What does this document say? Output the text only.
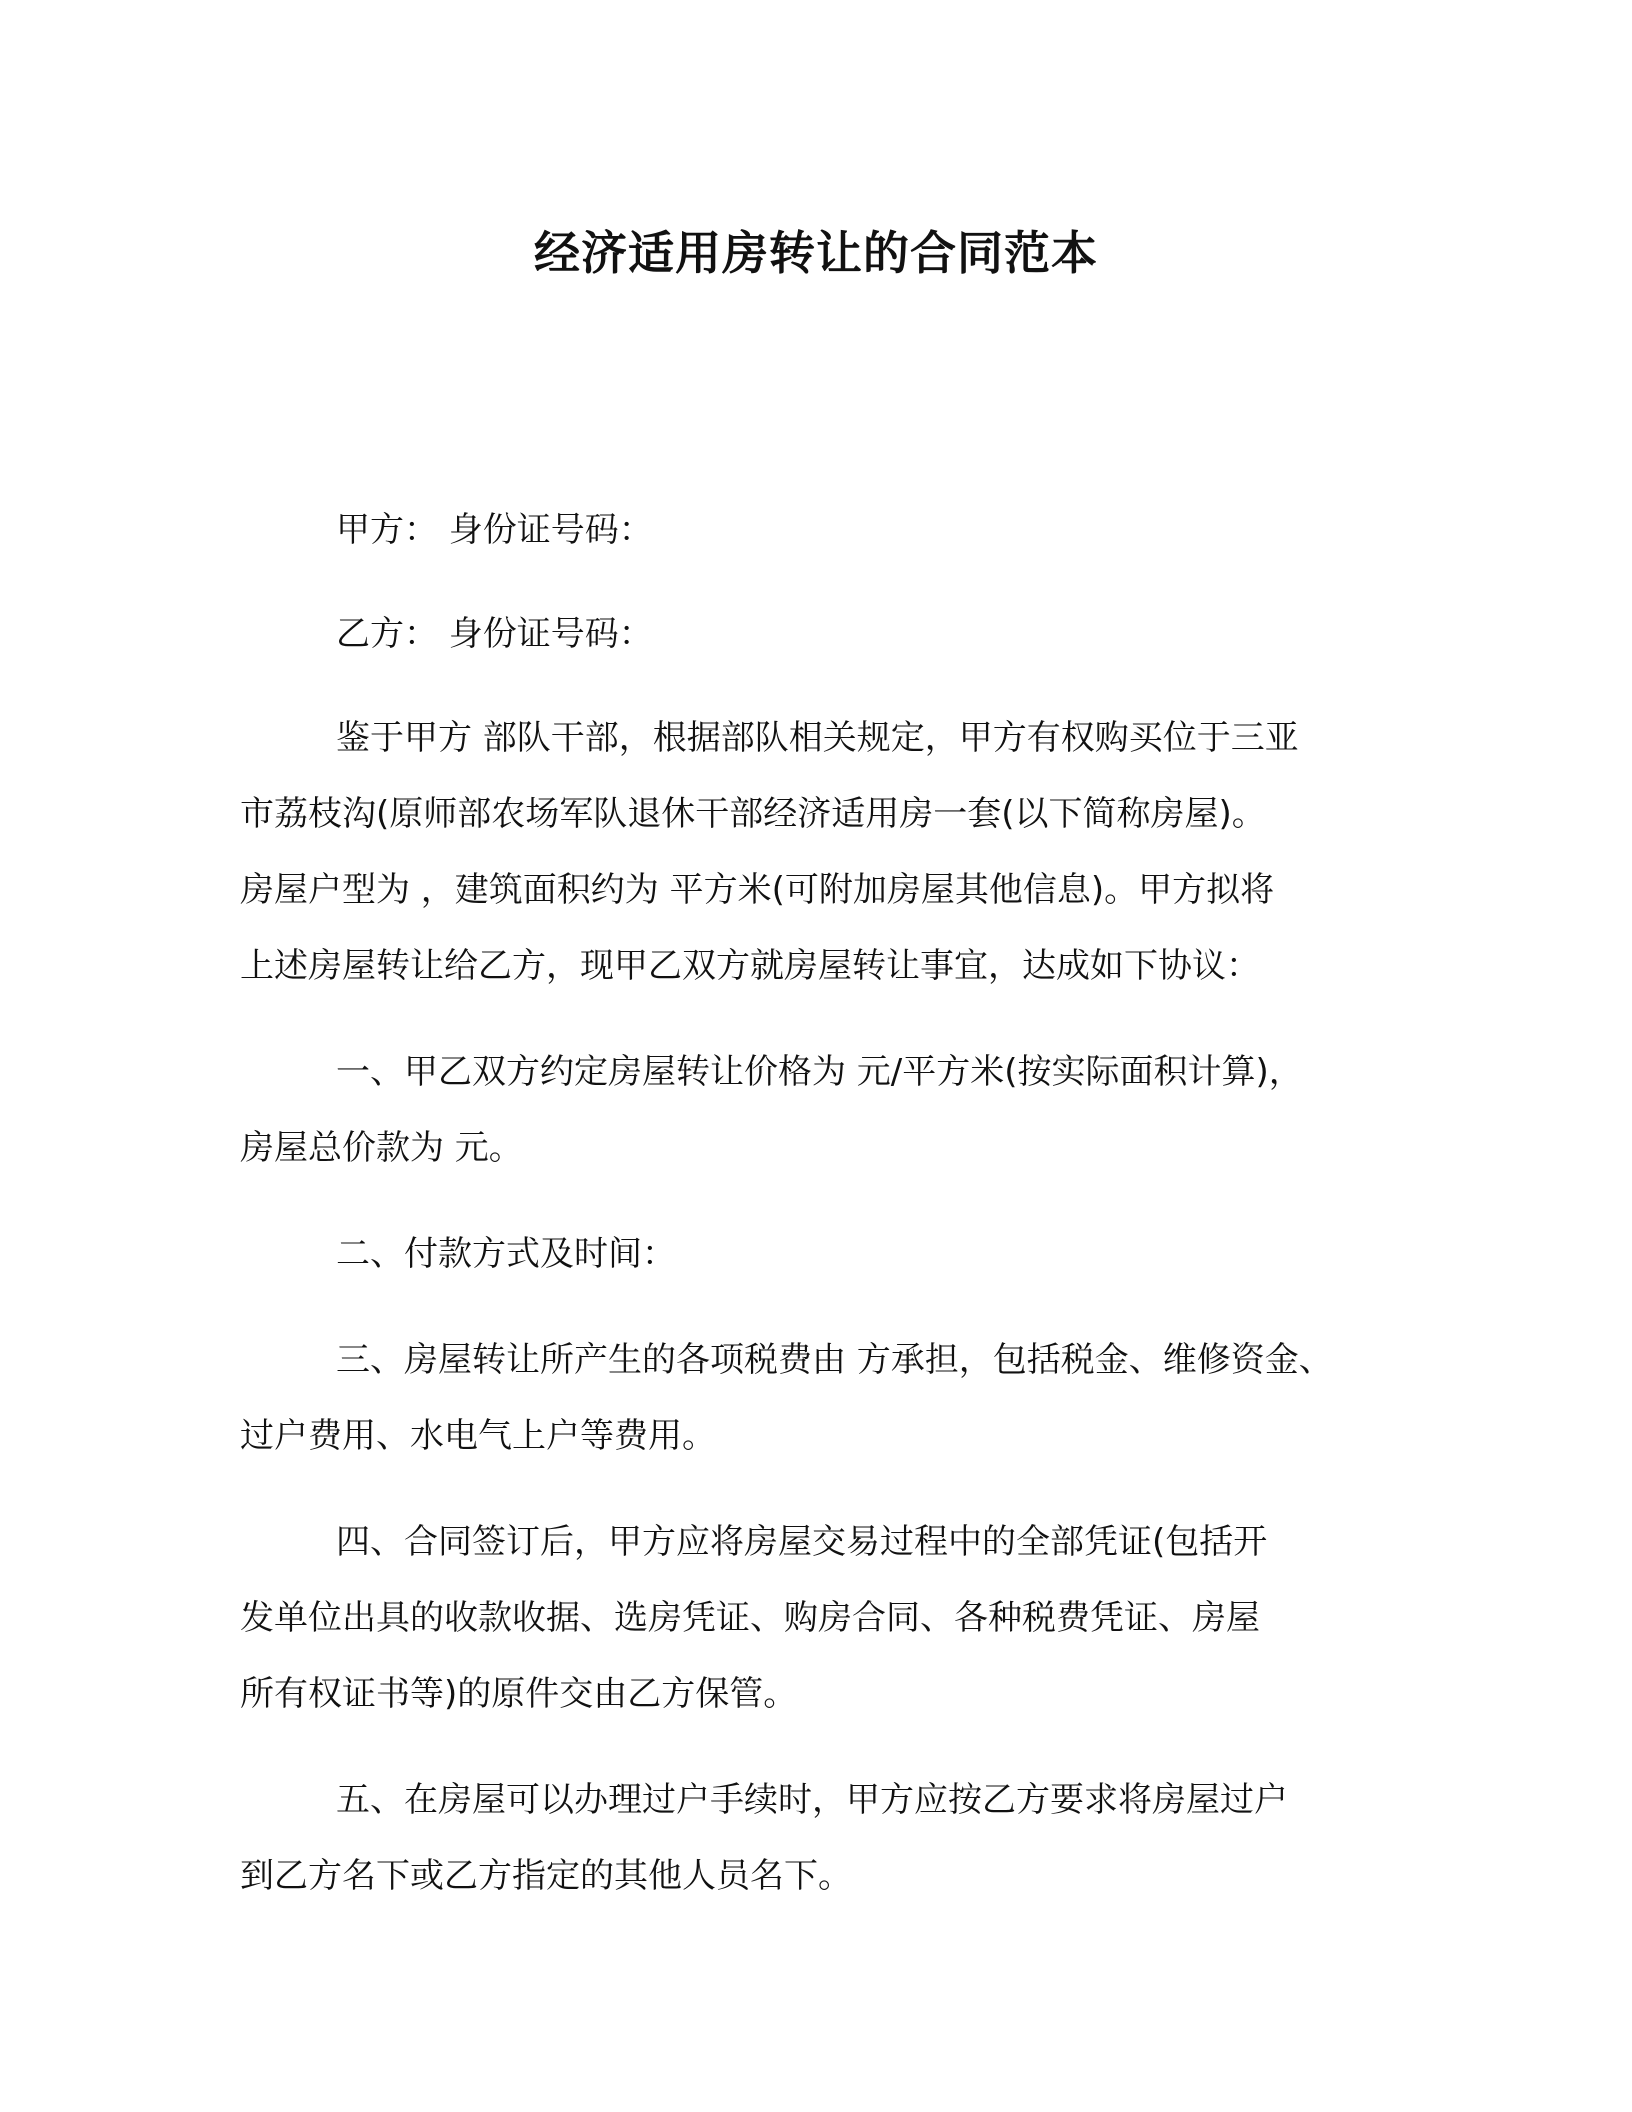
经济适用房转让的合同范本
甲方： 身份证号码：
乙方： 身份证号码：
鉴于甲方 部队干部，根据部队相关规定，甲方有权购买位于三亚
市荔枝沟(原师部农场军队退休干部经济适用房一套(以下简称房屋)。
房屋户型为 ，建筑面积约为 平方米(可附加房屋其他信息)。甲方拟将
上述房屋转让给乙方，现甲乙双方就房屋转让事宜，达成如下协议：
一、甲乙双方约定房屋转让价格为 元/平方米(按实际面积计算)，
房屋总价款为 元。
二、付款方式及时间：
三、房屋转让所产生的各项税费由 方承担，包括税金、维修资金、
过户费用、水电气上户等费用。
四、合同签订后，甲方应将房屋交易过程中的全部凭证(包括开
发单位出具的收款收据、选房凭证、购房合同、各种税费凭证、房屋
所有权证书等)的原件交由乙方保管。
五、在房屋可以办理过户手续时，甲方应按乙方要求将房屋过户
到乙方名下或乙方指定的其他人员名下。
